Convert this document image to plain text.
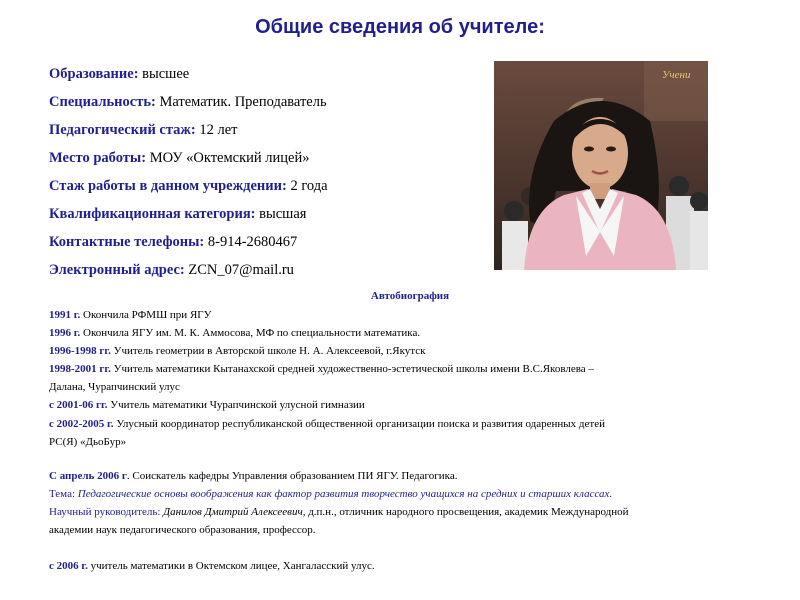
Общие сведения об учителе:
Образование: высшее
Специальность: Математик. Преподаватель
Педагогический стаж: 12 лет
Место работы: МОУ «Октемский лицей»
Стаж работы в данном учреждении: 2 года
Квалификационная категория: высшая
Контактные телефоны: 8-914-2680467
Электронный адрес: ZCN_07@mail.ru
Учени
Автобиография
1991 г. Окончила РФМШ при ЯГУ
1996 г. Окончила ЯГУ им. М. К. Аммосова, МФ по специальности математика.
1996-1998 гг. Учитель геометрии в Авторской школе Н. А. Алексеевой, г.Якутск
1998-2001 гг. Учитель математики Кытанахской средней художественно-эстетической школы имени В.С.Яковлева –
Далана, Чурапчинский улус
с 2001-06 гг. Учитель математики Чурапчинской улусной гимназии
с 2002-2005 г. Улусный координатор республиканской общественной организации поиска и развития одаренных детей
РС(Я) «ДьоБур»
С апрель 2006 г. Соискатель кафедры Управления образованием ПИ ЯГУ. Педагогика.
Тема: Педагогические основы воображения как фактор развития творчество учащихся на средних и старших классах.
Научный руководитель: Данилов Дмитрий Алексеевич, д.п.н., отличник народного просвещения, академик Международной
академии наук педагогического образования, профессор.
с 2006 г. учитель математики в Октемском лицее, Хангаласский улус.
